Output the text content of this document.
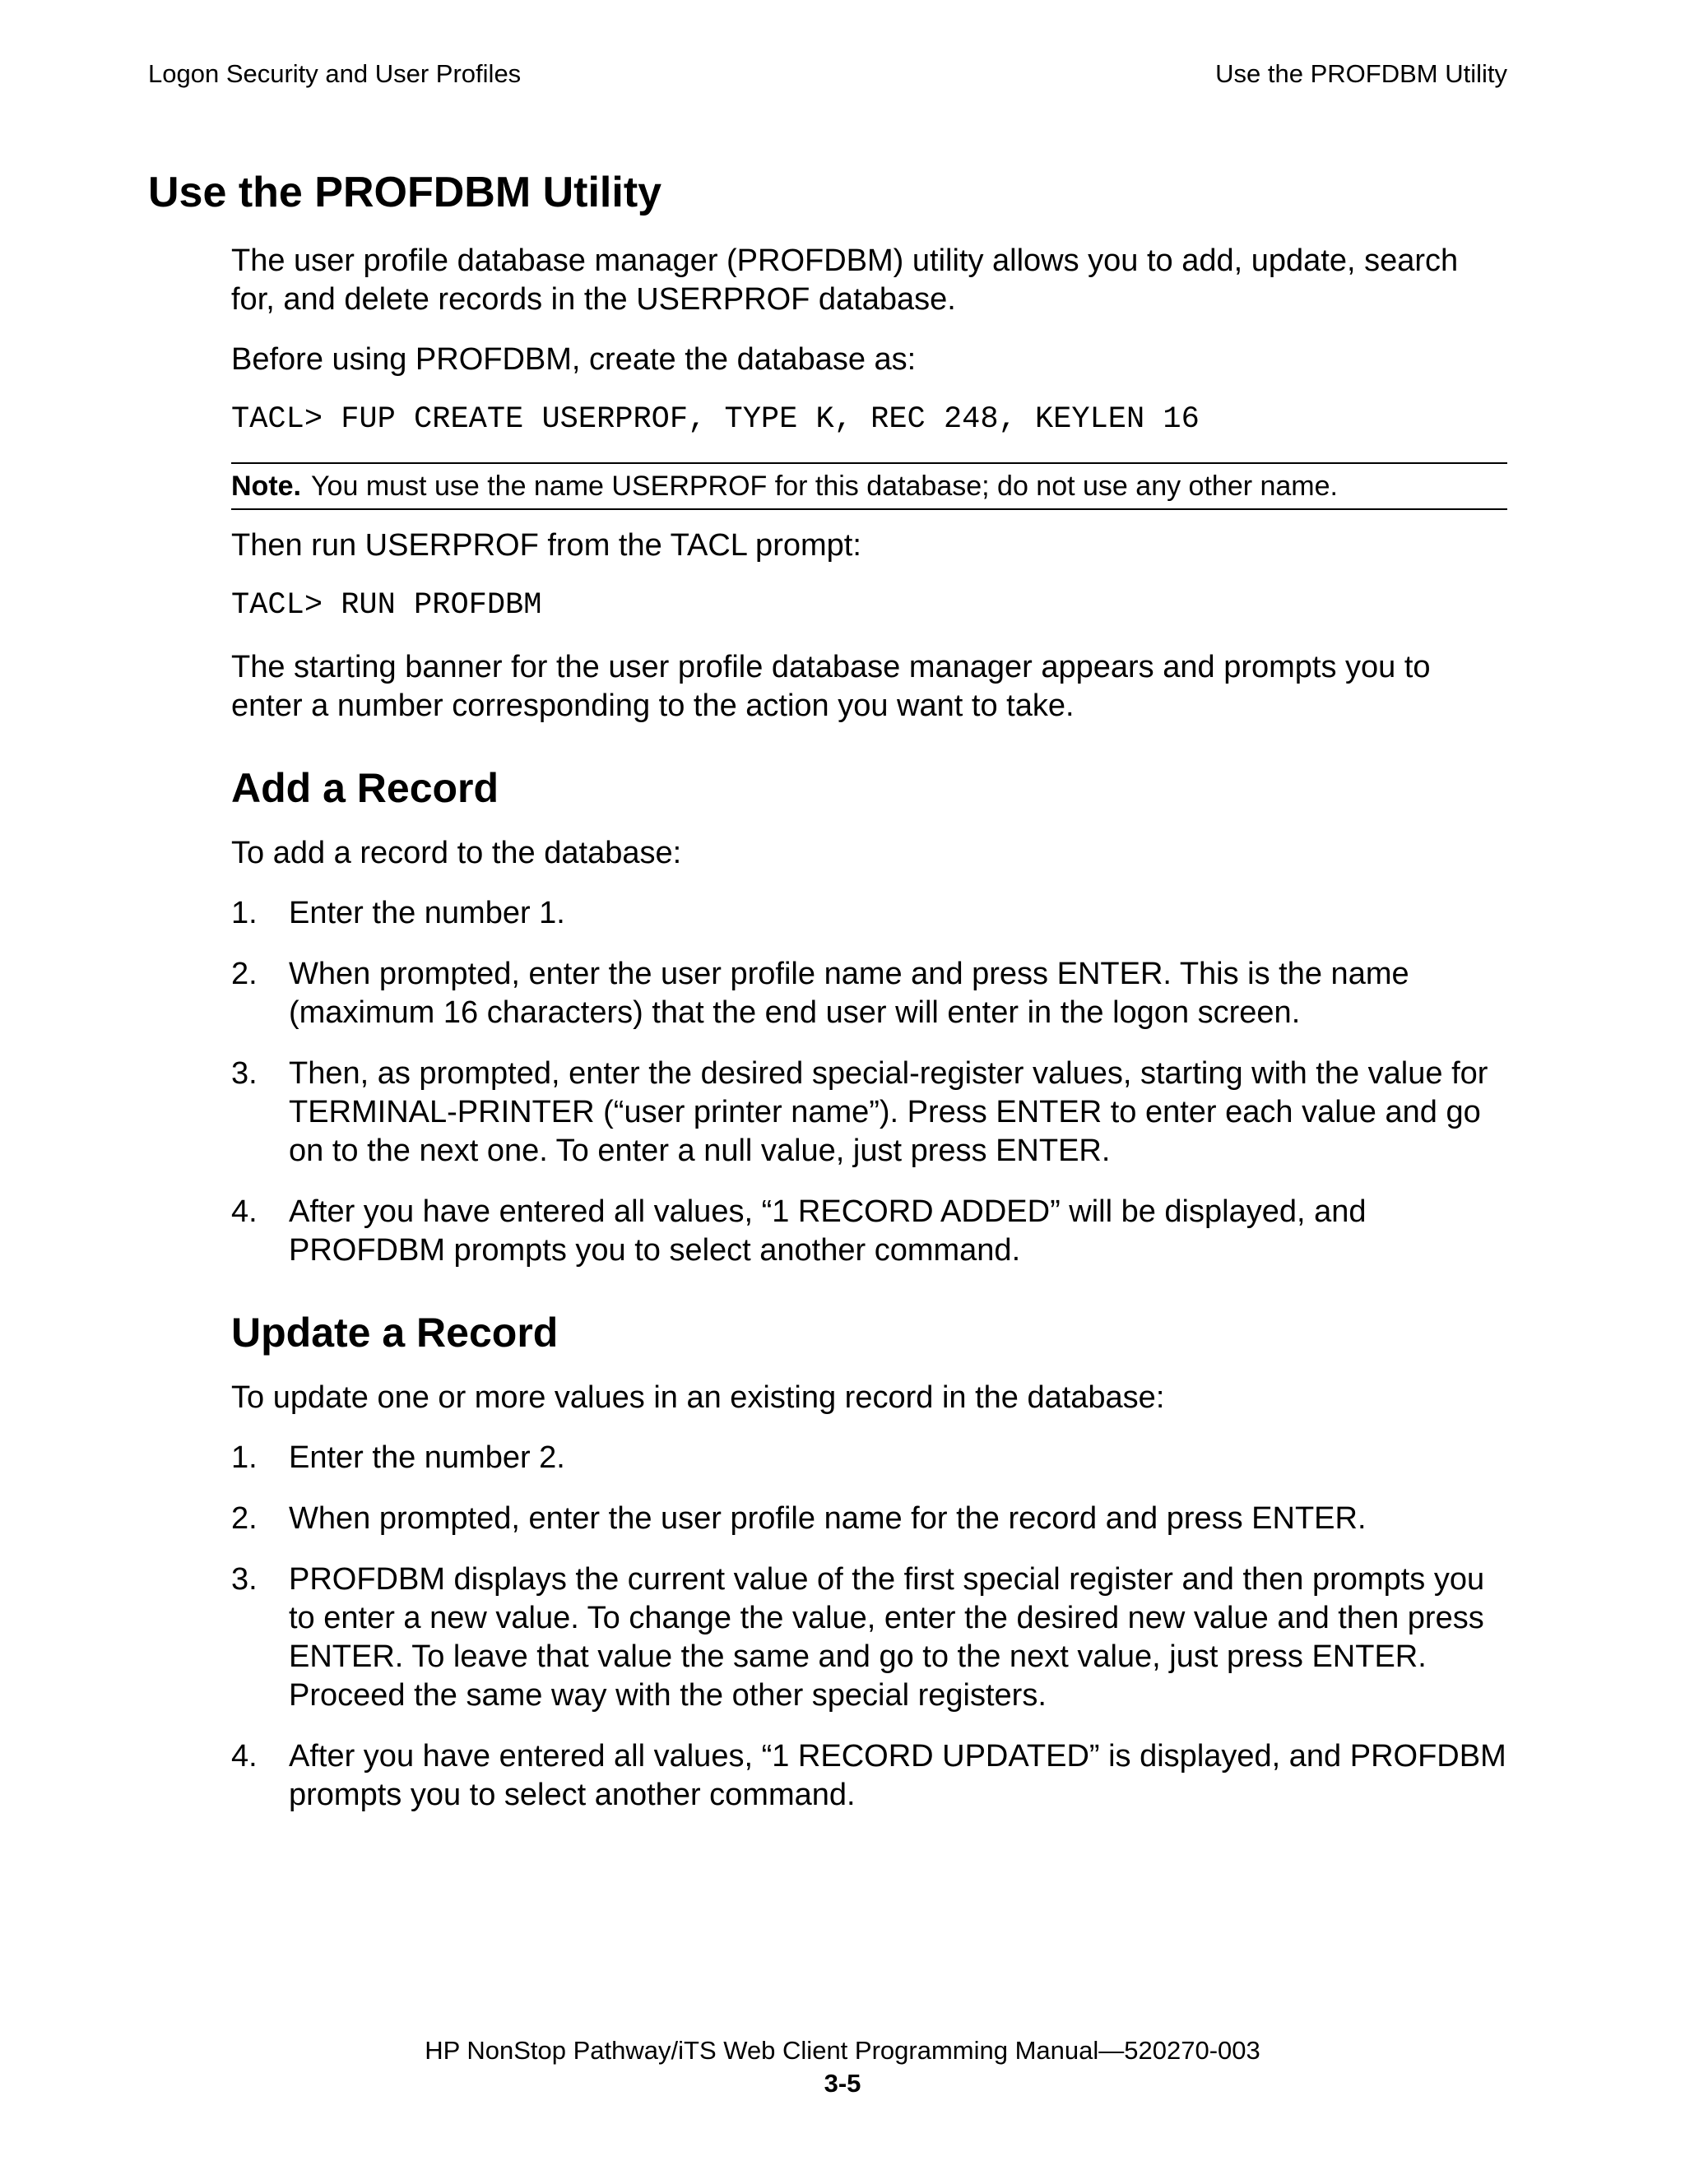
Logon Security and User Profiles	Use the PROFDBM Utility
Use the PROFDBM Utility

The user profile database manager (PROFDBM) utility allows you to add, update, search for, and delete records in the USERPROF database.

Before using PROFDBM, create the database as:

TACL> FUP CREATE USERPROF, TYPE K, REC 248, KEYLEN 16
Note. You must use the name USERPROF for this database; do not use any other name.

Then run USERPROF from the TACL prompt:

TACL> RUN PROFDBM

The starting banner for the user profile database manager appears and prompts you to enter a number corresponding to the action you want to take.

Add a Record

To add a record to the database:

1.	Enter the number 1.
2.	When prompted, enter the user profile name and press ENTER. This is the name (maximum 16 characters) that the end user will enter in the logon screen.
3.	Then, as prompted, enter the desired special-register values, starting with the value for TERMINAL-PRINTER (“user printer name”). Press ENTER to enter each value and go on to the next one. To enter a null value, just press ENTER.
4.	After you have entered all values, “1 RECORD ADDED” will be displayed, and PROFDBM prompts you to select another command.
Update a Record

To update one or more values in an existing record in the database:

1.	Enter the number 2.
2.	When prompted, enter the user profile name for the record and press ENTER.
3.	PROFDBM displays the current value of the first special register and then prompts you to enter a new value. To change the value, enter the desired new value and then press ENTER. To leave that value the same and go to the next value, just press ENTER. Proceed the same way with the other special registers.
4.	After you have entered all values, “1 RECORD UPDATED” is displayed, and PROFDBM prompts you to select another command.
HP NonStop Pathway/iTS Web Client Programming Manual—520270-003
3-5
